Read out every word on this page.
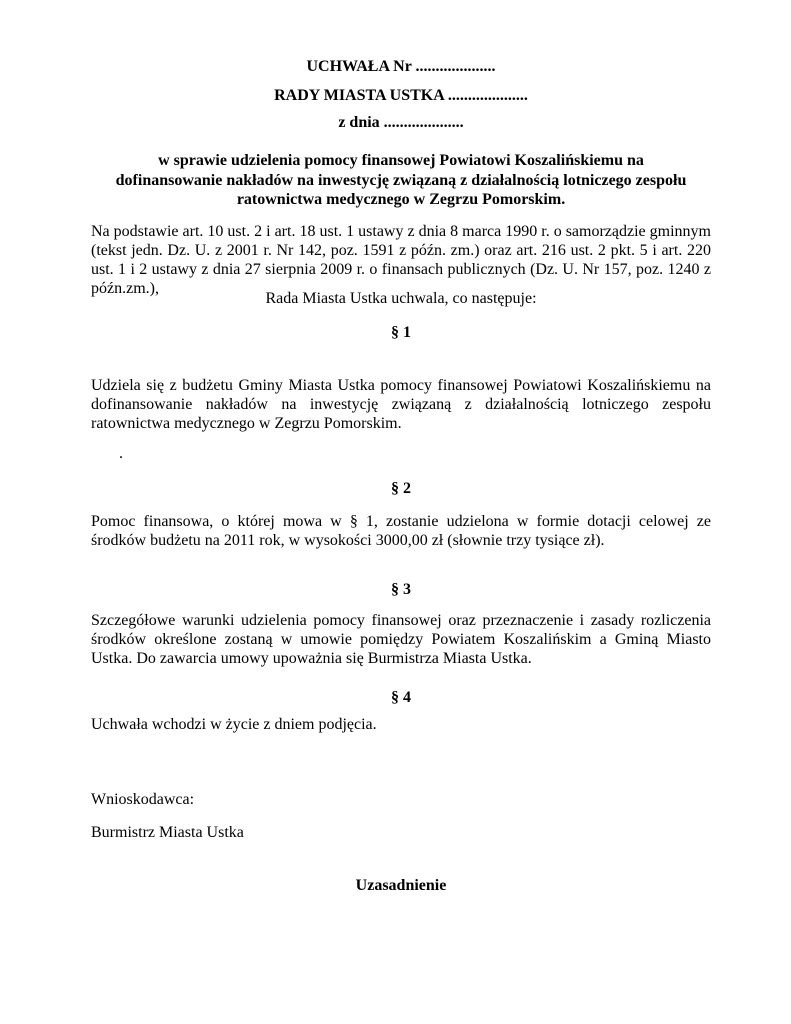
UCHWAŁA Nr ....................

RADY MIASTA USTKA ....................

z dnia ....................

w sprawie udzielenia pomocy finansowej Powiatowi Koszalińskiemu na dofinansowanie nakładów na inwestycję związaną z działalnością lotniczego zespołu ratownictwa medycznego w Zegrzu Pomorskim.

Na podstawie art. 10 ust. 2 i art. 18 ust. 1 ustawy z dnia 8 marca 1990 r. o samorządzie gminnym (tekst jedn. Dz. U. z 2001 r. Nr 142, poz. 1591 z późn. zm.) oraz art. 216 ust. 2 pkt. 5 i art. 220 ust. 1 i 2 ustawy z dnia 27 sierpnia 2009 r. o finansach publicznych (Dz. U. Nr 157, poz. 1240 z późn.zm.),

Rada Miasta Ustka uchwala, co następuje:

§ 1

Udziela się z budżetu Gminy Miasta Ustka pomocy finansowej Powiatowi Koszalińskiemu na dofinansowanie nakładów na inwestycję związaną z działalnością lotniczego zespołu ratownictwa medycznego w Zegrzu Pomorskim.

.

§ 2

Pomoc finansowa, o której mowa w § 1, zostanie udzielona w formie dotacji celowej ze środków budżetu na 2011 rok, w wysokości 3000,00 zł (słownie trzy tysiące zł).

§ 3

Szczegółowe warunki udzielenia pomocy finansowej oraz przeznaczenie i zasady rozliczenia środków określone zostaną w umowie pomiędzy Powiatem Koszalińskim a Gminą Miasto Ustka. Do zawarcia umowy upoważnia się Burmistrza Miasta Ustka.

§ 4

Uchwała wchodzi w życie z dniem podjęcia.

Wnioskodawca:

Burmistrz Miasta Ustka

Uzasadnienie
